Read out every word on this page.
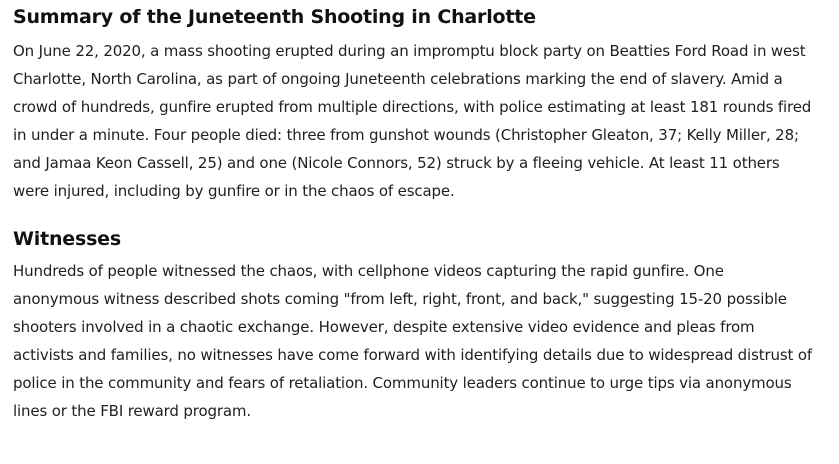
Summary of the Juneteenth Shooting in Charlotte

On June 22, 2020, a mass shooting erupted during an impromptu block party on Beatties Ford Road in west Charlotte, North Carolina, as part of ongoing Juneteenth celebrations marking the end of slavery. Amid a crowd of hundreds, gunfire erupted from multiple directions, with police estimating at least 181 rounds fired in under a minute. Four people died: three from gunshot wounds (Christopher Gleaton, 37; Kelly Miller, 28; and Jamaa Keon Cassell, 25) and one (Nicole Connors, 52) struck by a fleeing vehicle. At least 11 others were injured, including by gunfire or in the chaos of escape.

Witnesses

Hundreds of people witnessed the chaos, with cellphone videos capturing the rapid gunfire. One anonymous witness described shots coming "from left, right, front, and back," suggesting 15-20 possible shooters involved in a chaotic exchange. However, despite extensive video evidence and pleas from activists and families, no witnesses have come forward with identifying details due to widespread distrust of police in the community and fears of retaliation. Community leaders continue to urge tips via anonymous lines or the FBI reward program.
